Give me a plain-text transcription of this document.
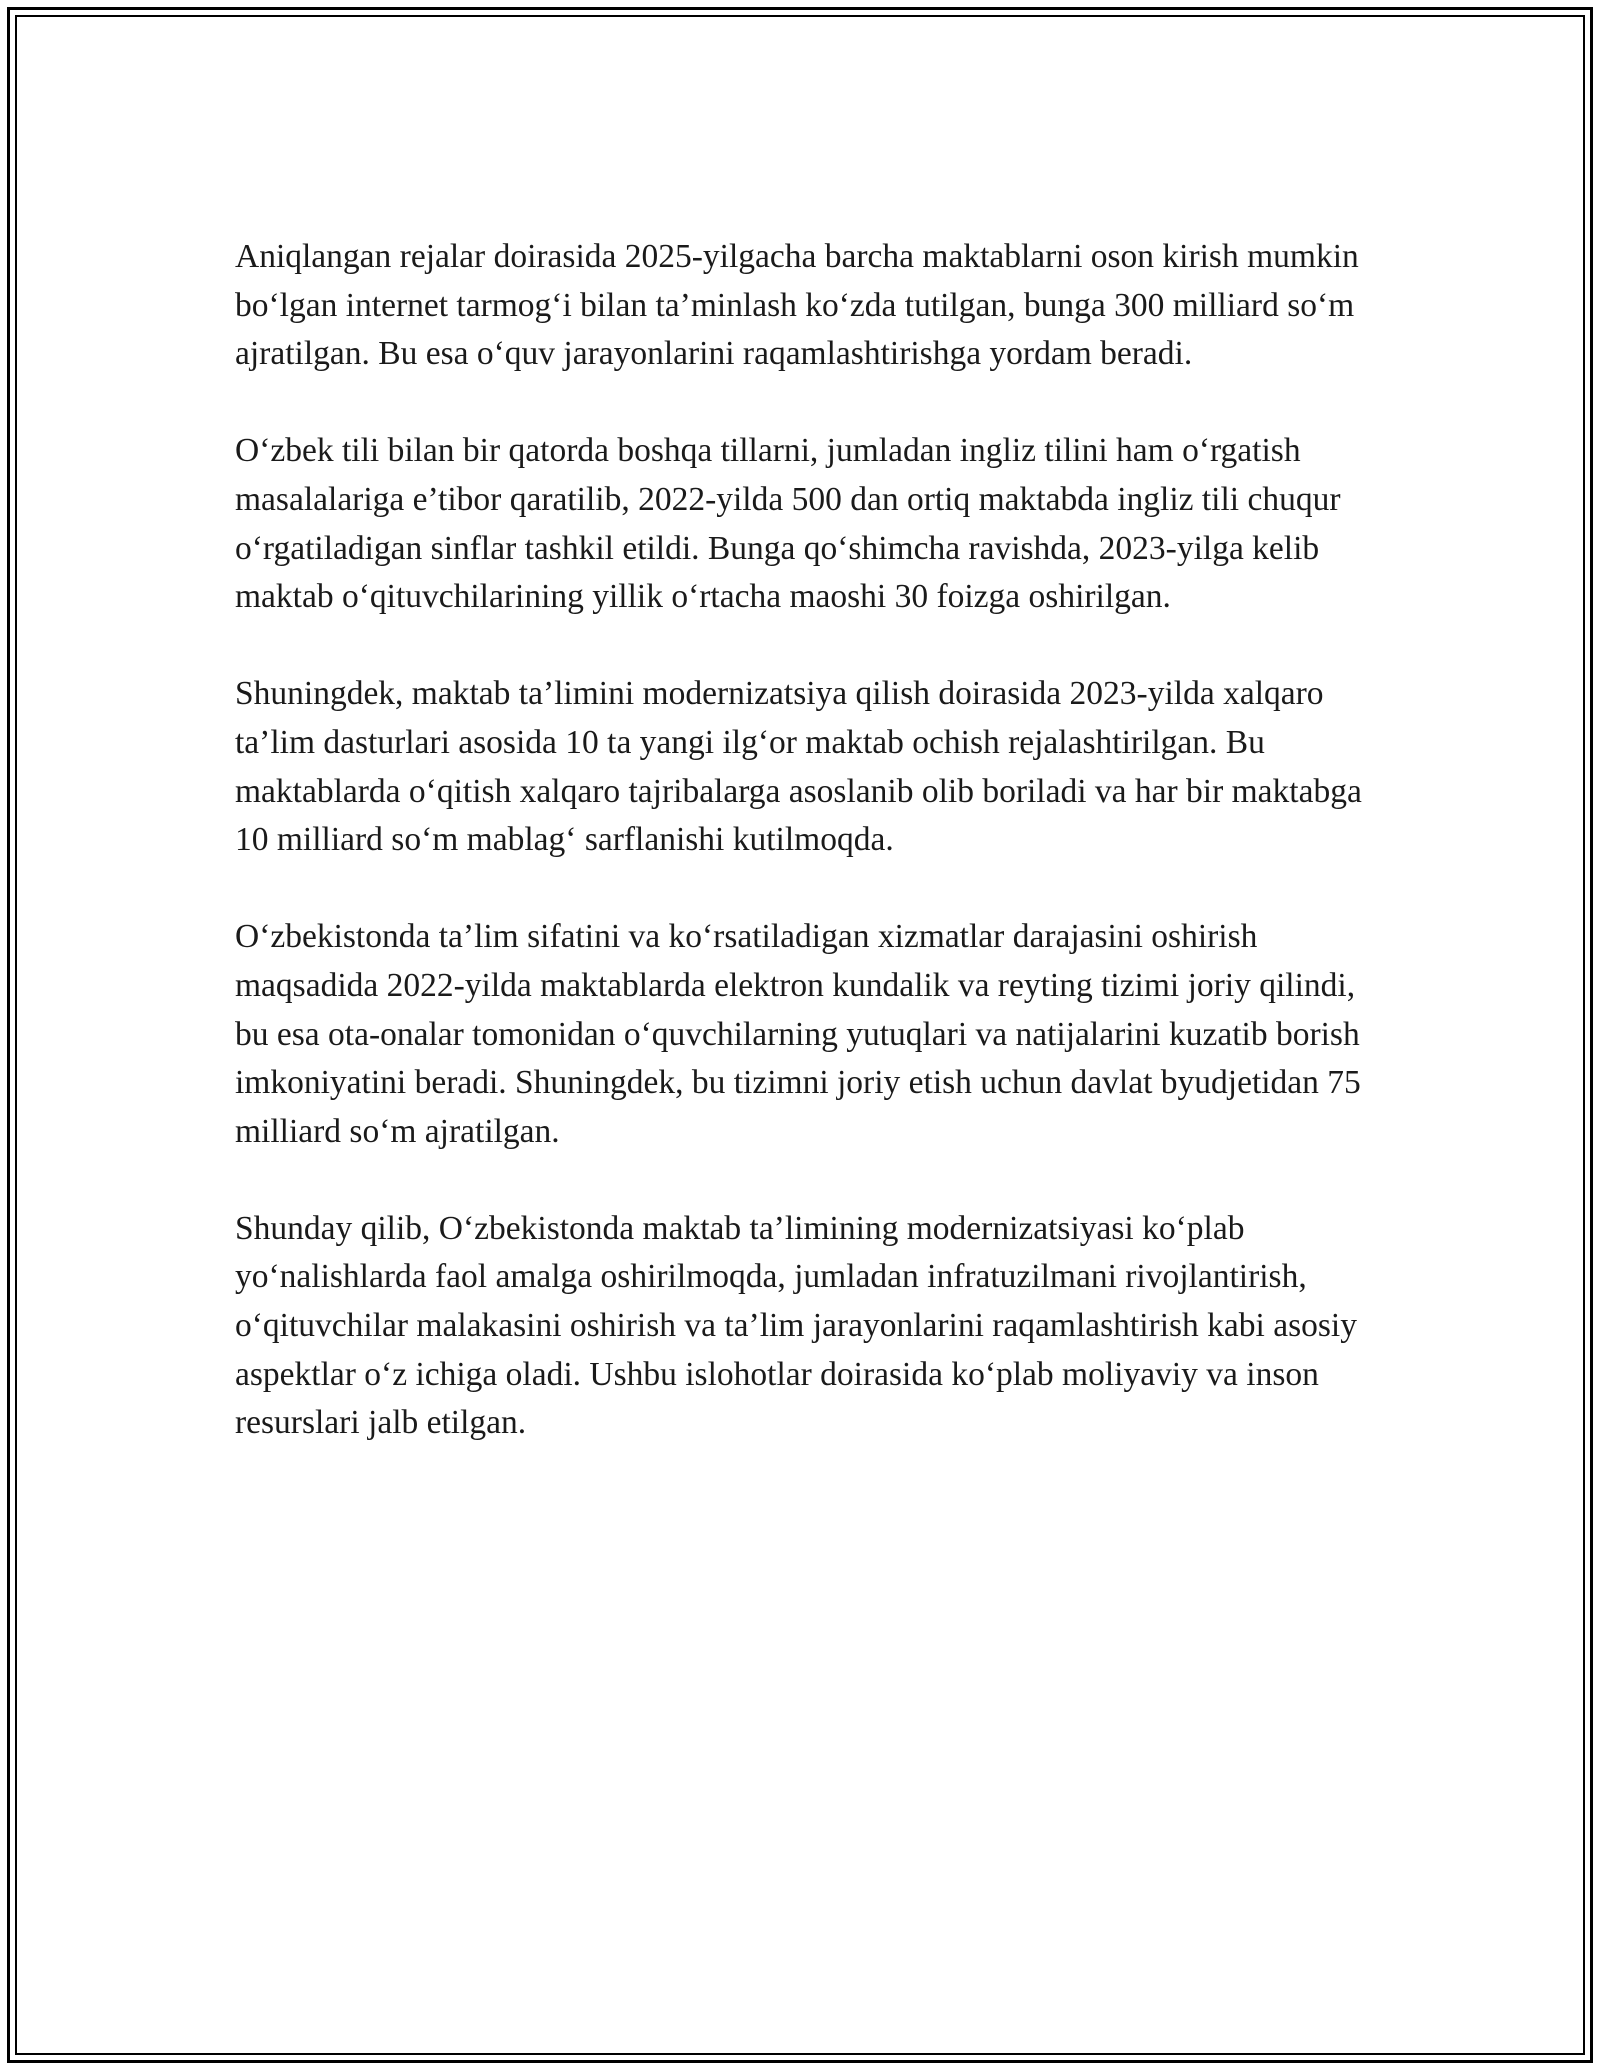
Aniqlangan rejalar doirasida 2025-yilgacha barcha maktablarni oson kirish mumkin bo‘lgan internet tarmog‘i bilan ta’minlash ko‘zda tutilgan, bunga 300 milliard so‘m ajratilgan. Bu esa o‘quv jarayonlarini raqamlashtirishga yordam beradi.

O‘zbek tili bilan bir qatorda boshqa tillarni, jumladan ingliz tilini ham o‘rgatish masalalariga e’tibor qaratilib, 2022-yilda 500 dan ortiq maktabda ingliz tili chuqur o‘rgatiladigan sinflar tashkil etildi. Bunga qo‘shimcha ravishda, 2023-yilga kelib maktab o‘qituvchilarining yillik o‘rtacha maoshi 30 foizga oshirilgan.

Shuningdek, maktab ta’limini modernizatsiya qilish doirasida 2023-yilda xalqaro ta’lim dasturlari asosida 10 ta yangi ilg‘or maktab ochish rejalashtirilgan. Bu maktablarda o‘qitish xalqaro tajribalarga asoslanib olib boriladi va har bir maktabga 10 milliard so‘m mablag‘ sarflanishi kutilmoqda.

O‘zbekistonda ta’lim sifatini va ko‘rsatiladigan xizmatlar darajasini oshirish maqsadida 2022-yilda maktablarda elektron kundalik va reyting tizimi joriy qilindi, bu esa ota-onalar tomonidan o‘quvchilarning yutuqlari va natijalarini kuzatib borish imkoniyatini beradi. Shuningdek, bu tizimni joriy etish uchun davlat byudjetidan 75 milliard so‘m ajratilgan.

Shunday qilib, O‘zbekistonda maktab ta’limining modernizatsiyasi ko‘plab yo‘nalishlarda faol amalga oshirilmoqda, jumladan infratuzilmani rivojlantirish, o‘qituvchilar malakasini oshirish va ta’lim jarayonlarini raqamlashtirish kabi asosiy aspektlar o‘z ichiga oladi. Ushbu islohotlar doirasida ko‘plab moliyaviy va inson resurslari jalb etilgan.
